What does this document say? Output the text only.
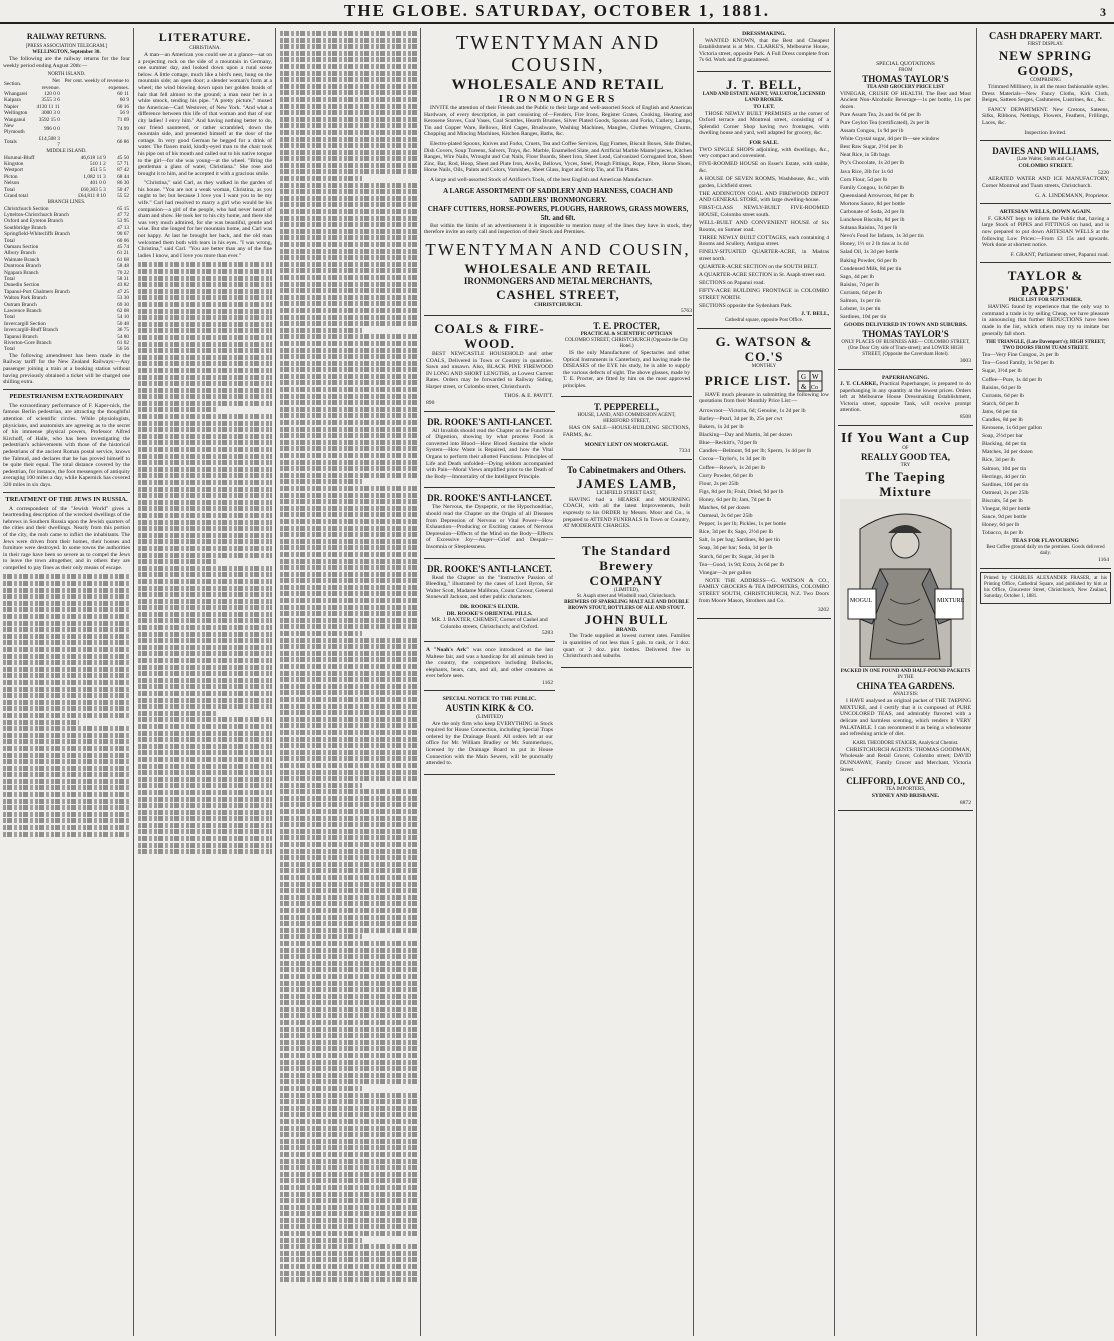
THE GLOBE. SATURDAY, OCTOBER 1, 1881.	3
RAILWAY RETURNS.
[PRESS ASSOCIATION TELEGRAM.]
WELLINGTON, September 30.

The following are the railway returns for the four weekly period ending August 20th:—

NORTH ISLAND.
Section.	Net revenue.	Per cent. weekly of revenue to expenses.
Whangarei	120 0 0	60 11
Kaipara	3555 3 6	60 9
Napier	4130 11 11	60 16
Wellington	3000 3 0	56 9
Wanganui	3592 15 0	71 69
New Plymouth	996 0 0	74 99
Totals	£14,508 3 7	66 86
MIDDLE ISLAND.
Hurunui-Bluff	46,618 14 9	45 50
Kingston	510 1 2	57 71
Westport	451 5 5	87 42
Picton	1,082 11 3	68 44
Nelson	401 0 0	86 30
Total	£60,303 5 3	50 47
Grand total	£64,811 8 10	55 52
BRANCH LINES.
Christchurch Section	65 15
Lyttelton-Christchurch Branch	47 72
Oxford and Eyreton Branch	53 95
Southbridge Branch	47 13
Springfield-Whitecliffs Branch	90 67
Total	60 06
Oamaru Section	45 74
Albury Branch	61 21
Waimate Branch	61 68
Duntroon Branch	58 48
Ngapara Branch	70 22
Total	58 31
Dunedin Section	43 82
Tapanui-Port Chalmers Branch	47 25
Walton Park Branch	53 30
Outram Branch	69 30
Lawrence Branch	62 08
Total	54 10
Invercargill Section	50 48
Invercargill-Bluff Branch	36 75
Tapanui Branch	54 80
Riverton-Gore Branch	61 02
Total	56 56

The following amendment has been made in the Railway tariff for the New Zealand Railways:—Any passenger joining a train at a booking station without having previously obtained a ticket will be charged one shilling extra.

PEDESTRIANISM EXTRAORDINARY

The extraordinary performance of F. Kaper-nick, the famous Berlin pedestrian, are attracting the thoughtful attention of scientific circles. While physiologists, physicians, and anatomists are agreeing as to the secret of his immense physical powers, Professor Alfred Kirchoff, of Halle, who has been investigating the pedestrian's achievements with those of the historical pedestrians of the ancient Roman postal service, knows the Talmud, and declares that he has proved himself to be quite their equal. The total distance covered by the pedestrian, for instance, the foot messengers of antiquity averaging 100 miles a day, while Kapernick has covered 320 miles in six days.

TREATMENT OF THE JEWS IN RUSSIA.

A correspondent of the "Jewish World" gives a heartrending description of the wrecked dwellings of the hebrews in Southern Russia upon the Jewish quarters of the cities and their dwellings. Nearly from this portion of the city, the mob came to inflict the inhabitants. The Jews were driven from their homes, their houses and furniture were destroyed. In some towns the authorities in their rage have been so severe as to compel the Jews to leave the town altogether, and in others they are compelled to pay fines as their only means of escape.

LITERATURE.
CHRISTIANA.

A man—an American you could see at a glance—sat on a projecting rock on the side of a mountain in Germany, one summer day, and looked down upon a rural scene below. A little cottage, much like a bird's nest, hung on the mountain side; an open door; a slender woman's form at a wheel; the wind blowing down upon her golden braids of hair that fell almost to the ground; a man near her in a white smock, tending his pipe. "A pretty picture," mused the American—Carl Westover, of New York. "And what a difference between this life of that woman and that of our city ladies! I envy him." And having nothing better to do, our friend sauntered, or rather scrambled, down the mountain side, and presented himself at the door of the cottage. In very good German he begged for a drink of water. The flaxen maid, kindly-eyed man to the chair took his pipe out of his mouth and called out to his native tongue to the girl—for she was young—at the wheel. "Bring the gentleman a glass of water, Christiana." She rose and brought it to him, and he accepted it with a gracious smile.

"Christina," said Carl, as they walked in the garden of his house. "You are not a weak woman, Christina, as you ought to be; but because I love you I want you to be my wife." Carl had resolved to marry a girl who would be his companion—a girl of the people, who had never heard of sham and show. He took her to his city home, and there she was very much admired, for she was beautiful, gentle and wise. But she longed for her mountain home, and Carl was not happy. At last he brought her back, and the old man welcomed them both with tears in his eyes. "I was wrong, Christina," said Carl. "You are better than any of the fine ladies I know, and I love you more than ever."

TWENTYMAN AND COUSIN,
WHOLESALE AND RETAIL
IRONMONGERS

INVITE the attention of their Friends and the Public to their large and well-assorted Stock of English and American Hardware, of every description, in part consisting of—Fenders, Fire Irons, Register Grates, Cooking, Heating and Kerosene Stoves, Coal Vases, Coal Scuttles, Hearth Brushes, Silver Plated Goods, Spoons and Forks, Cutlery, Lamps, Tin and Copper Ware, Bellows, Bird Cages, Brushware, Washing Machines, Mangles, Clothes Wringers, Churns, Chopping and Mincing Machines, Kitchen Ranges, Baths, &c.

Electro-plated Spoons, Knives and Forks, Cruets, Tea and Coffee Services, Egg Frames, Biscuit Boxes, Side Dishes, Dish Covers, Soup Tureens, Salvers, Trays, &c. Marble, Enamelled Slate, and Artificial Marble Mantel pieces, Kitchen Ranges, Wire Nails, Wrought and Cut Nails, Floor Boards, Sheet Iron, Sheet Lead, Galvanized Corrugated Iron, Sheet Zinc, Bar, Rod, Hoop, Sheet and Plate Iron, Anvils, Bellows, Vyces, Steel, Plough Fittings, Rope, Fibre, Horse Shoes, Horse Nails, Oils, Paints and Colors, Varnishes, Sheet Glass, Ingot and Strip Tin, and Tin Plates.

A large and well-assorted Stock of Artificer's Tools, of the best English and American Manufacture.

A LARGE ASSORTMENT OF SADDLERY AND HARNESS, COACH AND SADDLERS' IRONMONGERY.
CHAFF CUTTERS, HORSE-POWERS, PLOUGHS, HARROWS, GRASS MOWERS, 5ft. and 6ft.

But within the limits of an advertisement it is impossible to mention many of the lines they have in stock, they therefore invite an early call and inspection of their Stock and Premises.

TWENTYMAN AND COUSIN,
WHOLESALE AND RETAIL
IRONMONGERS AND METAL MERCHANTS,
CASHEL STREET,
CHRISTCHURCH.
5763
COALS & FIRE-WOOD.

BEST NEWCASTLE HOUSEHOLD and other COALS, Delivered in Town or Country in quantities. Sawn and unsawn. Also, BLACK PINE FIREWOOD IN LONG AND SHORT LENGTHS, at Lowest Current Rates. Orders may be forwarded to Railway Siding, Harper street, or Colombo street, Christchurch.

THOS. & E. PAVITT.
890
DR. ROOKE'S ANTI-LANCET.

All Invalids should read the Chapter on the Functions of Digestion, showing by what process Food is converted into Blood—How Blood Sustains the whole System—How Waste is Repaired, and how the Vital Organs to perform their allotted Functions. Principles of Life and Death unfolded—Dying seldom accompanied with Pain—Moral Views amplified prior to the Death of the Body—Immortality of the Intelligent Principle.

DR. ROOKE'S ANTI-LANCET.

The Nervous, the Dyspeptic, or the Hypochondriac, should read the Chapter on the Origin of all Diseases from Depression of Nervous or Vital Power—How Exhaustion—Producing or Exciting causes of Nervous Depression—Effects of the Mind on the Body—Effects of Excessive Joy—Anger—Grief and Despair—Insomnia or Sleeplessness.

DR. ROOKE'S ANTI-LANCET.

Read the Chapter on the "Instructive Passion of Bleeding," illustrated by the cases of Lord Byron, Sir Walter Scott, Madame Malibran, Count Cavour, General Stonewall Jackson, and other public characters.

DR. ROOKE'S ELIXIR.
DR. ROOKE'S ORIENTAL PILLS.
MR. J. BAXTER, CHEMIST, Corner of Cashel and Colombo streets, Christchurch; and Oxford.
5283
A "Noah's Ark" was once introduced at the last Maltese fair, and was a handicap for all animals bred in the country, the competitors including Bullocks, elephants, bears, cats, and all, and other creatures as ever before seen.
1162
SPECIAL NOTICE TO THE PUBLIC.
AUSTIN KIRK & CO.
(LIMITED)

Are the only firm who keep EVERYTHING in Stock required for House Connection, including Special Traps ordered by the Drainage Board. All orders left at our office for Mr. William Bradley or Mr. Summerhays, licensed by the Drainage Board to put in House Connection with the Main Sewers, will be punctually attended to.

T. E. PROCTER,
PRACTICAL & SCIENTIFIC OPTICIAN
COLOMBO STREET, CHRISTCHURCH (Opposite the City Hotel.)

IS the only Manufacturer of Spectacles and other Optical Instruments in Canterbury, and having made the DISEASES of the EYE his study, he is able to supply the various defects of sight. The above glasses, made by T. E. Procter, are fitted by him on the most approved principles.

T. PEPPERELL,
HOUSE, LAND, AND COMMISSION AGENT,
HEREFORD STREET,

HAS ON SALE—HOUSE-BUILDING SECTIONS, FARMS, &c.

MONEY LENT ON MORTGAGE.
7334
To Cabinetmakers and Others.
JAMES LAMB,
LICHFIELD STREET EAST,

HAVING had a HEARSE and MOURNING COACH, with all the latest Improvements, built expressly to his ORDER by Messrs. Moor and Co., is prepared to ATTEND FUNERALS In Town or Country, AT MODERATE CHARGES.

The Standard Brewery COMPANY
(LIMITED),
St. Asaph street and Windmill road, Christchurch.
BREWERS OF SPARKLING MALT ALE AND DOUBLE BROWN STOUT, BOTTLERS OF ALE AND STOUT.
JOHN BULL
BRAND.

The Trade supplied at lowest current rates. Families in quantities of not less than 5 gals. to cask, or 1 doz. quart or 2 doz. pint bottles. Delivered free in Christchurch and suburbs.

DRESSMAKING.

WANTED KNOWN, that the Best and Cheapest Establishment is at Mrs. CLARKE'S, Melbourne House, Victoria street, opposite Park. A Full Dress complete from 7s 6d. Work and fit guaranteed.

J. T. BELL,
LAND AND ESTATE AGENT, VALUATOR, LICENSED LAND BROKER.
TO LET.

THOSE NEWLY BUILT PREMISES at the corner of Oxford terrace and Montreal street, consisting of a Splendid Corner Shop having two frontages, with dwelling house and yard, well adapted for grocery, &c.

FOR SALE.
TWO SINGLE SHOPS adjoining, with dwellings, &c., very compact and convenient.
FIVE-ROOMED HOUSE on Esser's Estate, with stable, &c.
A HOUSE OF SEVEN ROOMS, Washhouse, &c., with garden, Lichfield street.
THE ADDINGTON COAL AND FIREWOOD DEPOT AND GENERAL STORE, with large dwelling-house.
FIRST-CLASS NEWLY-BUILT FIVE-ROOMED HOUSE, Colombo street south.
WELL-BUILT AND CONVENIENT HOUSE of Six Rooms, on Sumner road.
THREE NEWLY BUILT COTTAGES, each containing 4 Rooms and Scullery, Antigua street.
FINELY-SITUATED QUARTER-ACRE, in Madras street north.
QUARTER-ACRE SECTION on the SOUTH BELT.
A QUARTER-ACRE SECTION in St. Asaph street east.
SECTIONS on Papanui road.
FIFTY-ACRE BUILDING FRONTAGE in COLOMBO STREET NORTH.
SECTIONS opposite the Sydenham Park.
J. T. BELL,
Cathedral square, opposite Post Office.
G. WATSON & CO.'S
MONTHLY
PRICE LIST. G W
& Co

HAVE much pleasure in submitting the following low quotations from their Monthly Price List:—

Arrowroot—Victoria, 6d; Genuine, 1s 2d per lb
Barley—Pearl, 3d per lb, 25s per cwt
Bakers, 1s 2d per lb
Blacking—Day and Martin, 3d per dozen
Blue—Reckitt's, 7d per lb
Candles—Belmont, 9d per lb; Sperm, 1s 4d per lb
Cocoa—Taylor's, 1s 3d per lb
Coffee—Rowe's, 1s 2d per lb
Curry Powder, 6d per lb
Flour, 2s per 25lb
Figs, 8d per lb; Fruit, Dried, 9d per lb
Honey, 6d per lb; Jam, 7d per lb
Matches, 6d per dozen
Oatmeal, 2s 6d per 25lb
Pepper, 1s per lb; Pickles, 1s per bottle
Rice, 3d per lb; Sago, 2½d per lb
Salt, 1s per bag; Sardines, 8d per tin
Soap, 3d per bar; Soda, 1d per lb
Starch, 6d per lb; Sugar, 3d per lb
Tea—Good, 1s 9d; Extra, 2s 6d per lb
Vinegar—2s per gallon

NOTE THE ADDRESS—G. WATSON & CO., FAMILY GROCERS & TEA IMPORTERS, COLOMBO STREET SOUTH, CHRISTCHURCH, N.Z. Two Doors from Moore Mason, Strothers and Co.

3202
SPECIAL QUOTATIONS
FROM
THOMAS TAYLOR'S
TEA AND GROCERY PRICE LIST
VINEGAR, CRUSIE OF HEALTH. The Best and Most Ancient Non-Alcoholic Beverage—1s per bottle, 11s per dozen.
Pure Assam Tea, 2s and 6s 6d per lb
Pure Ceylon Tea (certificated), 2s per lb
Assam Congou, 1s 9d per lb
White Crystal sugar, 4d per lb—see window
Best Raw Sugar, 2½d per lb
Neat Rice, in 5lb bags
Pry's Chocolate, 1s 2d per lb
Java Rice, 2lb for 1s 6d
Corn Flour, 5d per lb
Family Congou, 1s 6d per lb
Queensland Arrowroot, 8d per lb
Mortons Sauce, 8d per bottle
Carbonate of Soda, 2d per lb
Luncheon Biscuits, 8d per lb
Sultana Raisins, 7d per lb
Nevo's Food for Infants, 1s 3d per tin
Honey, 1½ or 2 lb tins at 1s 4d
Salad Oil, 1s 3d per bottle
Baking Powder, 6d per lb
Condensed Milk, 8d per tin
Sago, 4d per lb
Raisins, 7d per lb
Currants, 6d per lb
Salmon, 1s per tin
Lobster, 1s per tin
Sardines, 10d per tin
GOODS DELIVERED IN TOWN AND SUBURBS.
THOMAS TAYLOR'S
ONLY PLACES OF BUSINESS ARE— COLOMBO STREET, (One Door City side of Tram-street); and LOWER HIGH STREET, (Opposite the Caversham Hotel).
3003
PAPERHANGING.
J. T. CLARKE, Practical Paperhanger, is prepared to do paperhanging in any quantity at the lowest prices. Orders left at Melbourne House Dressmaking Establishment, Victoria street, opposite Tank, will receive prompt attention.
8508
If You Want a Cup
OF
REALLY GOOD TEA,
TRY
The Taeping Mixture
MOGUL	MIXTURE
PACKED IN ONE POUND AND HALF-POUND PACKETS
IN THE
CHINA TEA GARDENS.
ANALYSIS:

I HAVE analysed an original packet of THE TAEPING MIXTURE, and I certify that it is composed of PURE UNCOLORED TEAS, and admirably flavored with a delicate and harmless scenting, which renders it VERY PALATABLE. I can recommend it as being a wholesome and refreshing article of diet.

KARL THEODORE STAIGER, Analytical Chemist.

CHRISTCHURCH AGENTS: THOMAS GOODMAN, Wholesale and Retail Grocer, Colombo street; DAVID DUNNAWAY, Family Grocer and Merchant, Victoria Street.

CLIFFORD, LOVE AND CO.,
TEA IMPORTERS,
SYDNEY AND BRISBANE.
8872
CASH DRAPERY MART.
FIRST DISPLAY.
NEW SPRING GOODS,
COMPRISING

Trimmed Millinery, in all the most fashionable styles. Dress Materials—New Fancy Cloths, Kirk Cloth, Beiges, Satteen Serges, Cashmeres, Lustrines, &c., &c.

FANCY DEPARTMENT. New Cretons, Sateens, Silks, Ribbons, Nettings, Flowers, Feathers, Frillings, Laces, &c.

Inspection Invited.
DAVIES AND WILLIAMS,
(Late Walter, Smith and Co.)
COLOMBO STREET.
5220

AERATED WATER AND ICE MANUFACTORY, Corner Montreal and Tuam streets, Christchurch.

G. A. LINDEMANN, Proprietor.
ARTESIAN WELLS, DOWN AGAIN.

F. GRANT begs to inform the Public that, having a large Stock of PIPES and FITTINGS on hand, and is now prepared to put down ARTESIAN WELLS at the following Low Prices:—From £3 15s and upwards. Work done at shortest notice.

F. GRANT, Parliament street, Papanui road.
TAYLOR & PAPPS'
PRICE LIST FOR SEPTEMBER.

HAVING found by experience that the only way to command a trade is by selling Cheap, we have pleasure in announcing that further REDUCTIONS have been made in the list, which others may try to imitate but generally fall short.

THE TRIANGLE, (Late Davenport's); HIGH STREET, TWO DOORS FROM TUAM STREET.
Tea—Very Fine Congou, 2s per lb
Tea—Good Family, 1s 9d per lb
Sugar, 3½d per lb
Coffee—Pure, 1s 4d per lb
Raisins, 6d per lb
Currants, 6d per lb
Starch, 6d per lb
Jams, 6d per tin
Candles, 8d per lb
Kerosene, 1s 6d per gallon
Soap, 2½d per bar
Blacking, 4d per tin
Matches, 3d per dozen
Rice, 3d per lb
Salmon, 10d per tin
Herrings, 4d per tin
Sardines, 10d per tin
Oatmeal, 2s per 25lb
Biscuits, 5d per lb
Vinegar, 8d per bottle
Sauce, 9d per bottle
Honey, 6d per lb
Tobacco, 4s per lb
TEAS FOR FLAVOURING
Best Coffee ground daily on the premises. Goods delivered daily.
1164
Printed by CHARLES ALEXANDER FRASER, at his Printing Office, Cathedral Square, and published by him at his Office, Gloucester Street, Christchurch, New Zealand, Saturday, October 1, 1881.
